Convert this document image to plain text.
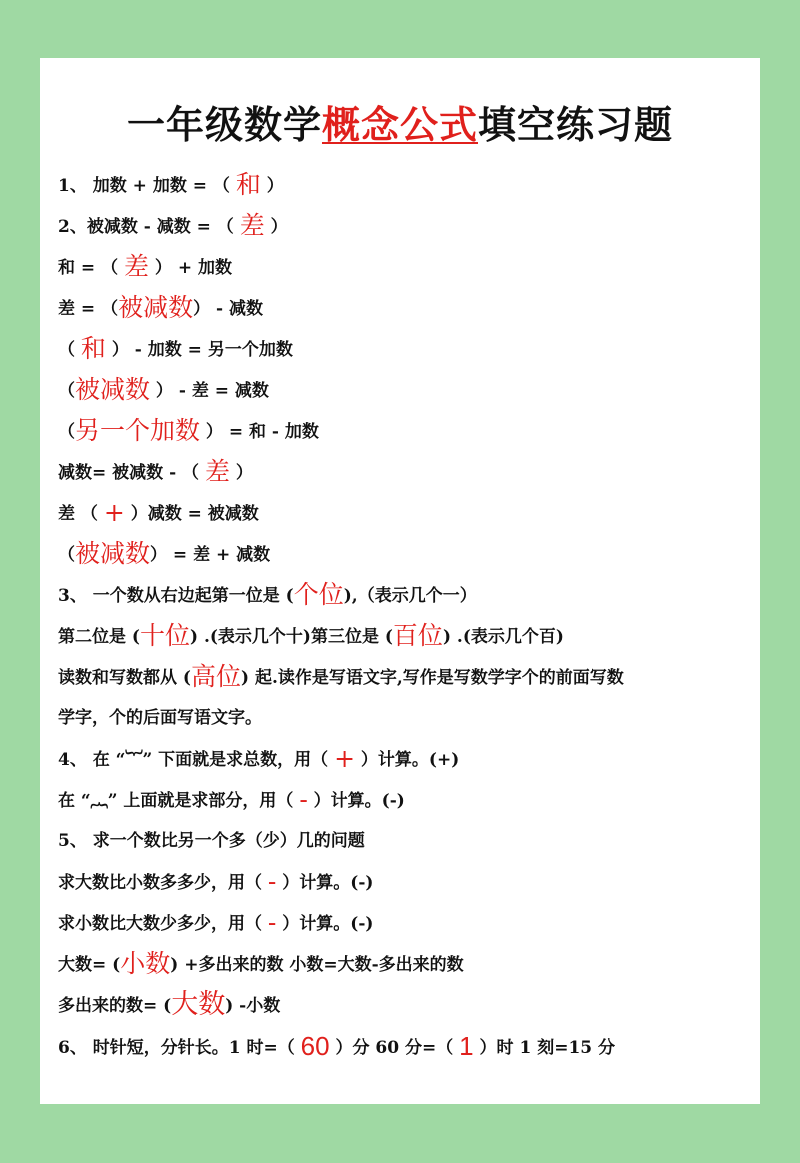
一年级数学概念公式填空练习题
1、 加数 + 加数 = （ 和 ）
2、被减数 - 减数 = （ 差 ）
和 = （ 差 ） + 加数
差 = （被减数） - 减数
（ 和 ） - 加数 = 另一个加数
（被减数 ） - 差 = 减数
（另一个加数 ） = 和 - 加数
减数= 被减数 - （ 差 ）
差 （ + ）减数 = 被减数
（被减数） = 差 + 减数
3、 一个数从右边起第一位是 (个位),（表示几个一）
第二位是 (十位) .(表示几个十)第三位是 (百位) .(表示几个百)
读数和写数都从 (高位) 起.读作是写语文字,写作是写数学字个的前面写数
学字，个的后面写语文字。
4、 在 “︸” 下面就是求总数，用（ + ）计算。(+)
在 “︷” 上面就是求部分，用（ - ）计算。(-)
5、 求一个数比另一个多（少）几的问题
求大数比小数多多少，用（ - ）计算。(-)
求小数比大数少多少，用（ - ）计算。(-)
大数= (小数) +多出来的数 小数=大数-多出来的数
多出来的数= (大数) -小数
6、 时针短，分针长。1 时=（ 60 ）分 60 分=（ 1 ）时 1 刻=15 分
